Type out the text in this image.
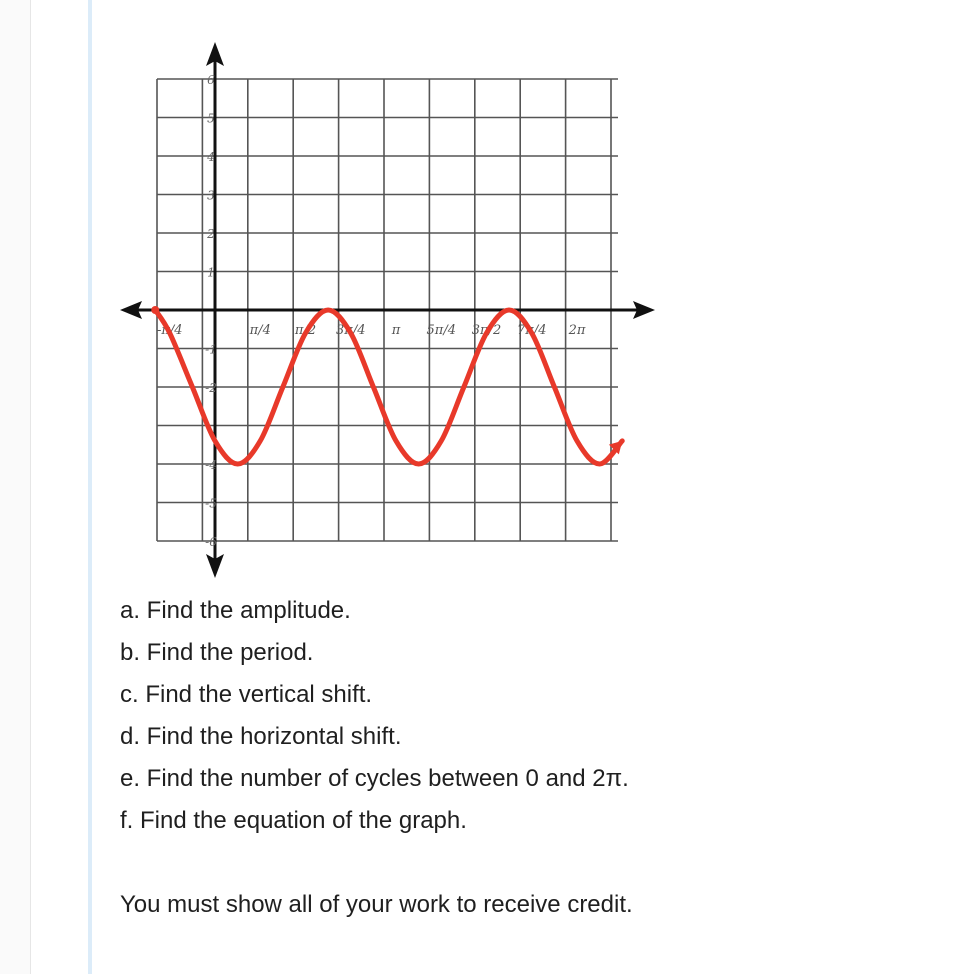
6
5
4
3
2
1
-1
-2
-4
-5
-6
-π/4	π/4 π/2 3π/4 π 5π/4 3π/2 7π/4 2π
a. Find the amplitude.
b. Find the period.
c. Find the vertical shift.
d. Find the horizontal shift.
e. Find the number of cycles between 0 and 2π.
f. Find the equation of the graph.
You must show all of your work to receive credit.
